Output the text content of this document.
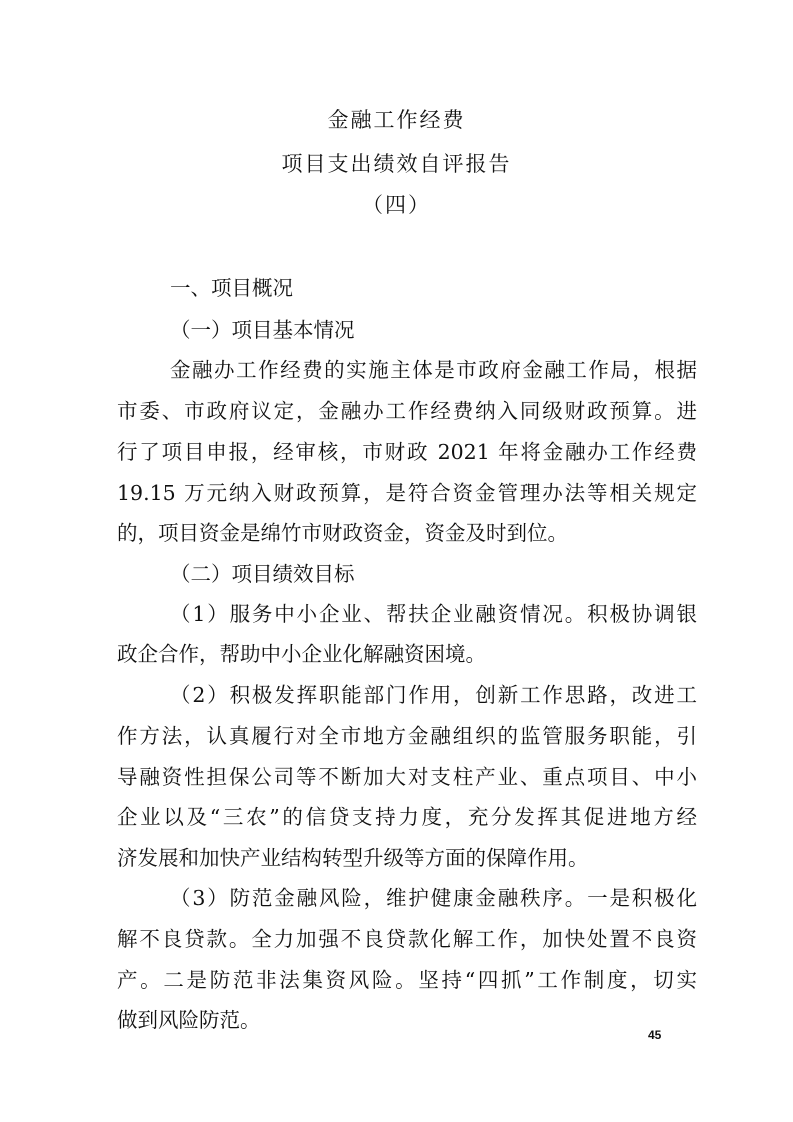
金融工作经费
项目支出绩效自评报告
（四）
一、项目概况
（一）项目基本情况
金融办工作经费的实施主体是市政府金融工作局，根据
市委、市政府议定，金融办工作经费纳入同级财政预算。进
行了项目申报，经审核，市财政 2021 年将金融办工作经费
19.15 万元纳入财政预算，是符合资金管理办法等相关规定
的，项目资金是绵竹市财政资金，资金及时到位。
（二）项目绩效目标
（1）服务中小企业、帮扶企业融资情况。积极协调银
政企合作，帮助中小企业化解融资困境。
（2）积极发挥职能部门作用，创新工作思路，改进工
作方法，认真履行对全市地方金融组织的监管服务职能，引
导融资性担保公司等不断加大对支柱产业、重点项目、中小
企业以及“三农”的信贷支持力度，充分发挥其促进地方经
济发展和加快产业结构转型升级等方面的保障作用。
（3）防范金融风险，维护健康金融秩序。一是积极化
解不良贷款。全力加强不良贷款化解工作，加快处置不良资
产。二是防范非法集资风险。坚持“四抓”工作制度，切实
做到风险防范。
45
